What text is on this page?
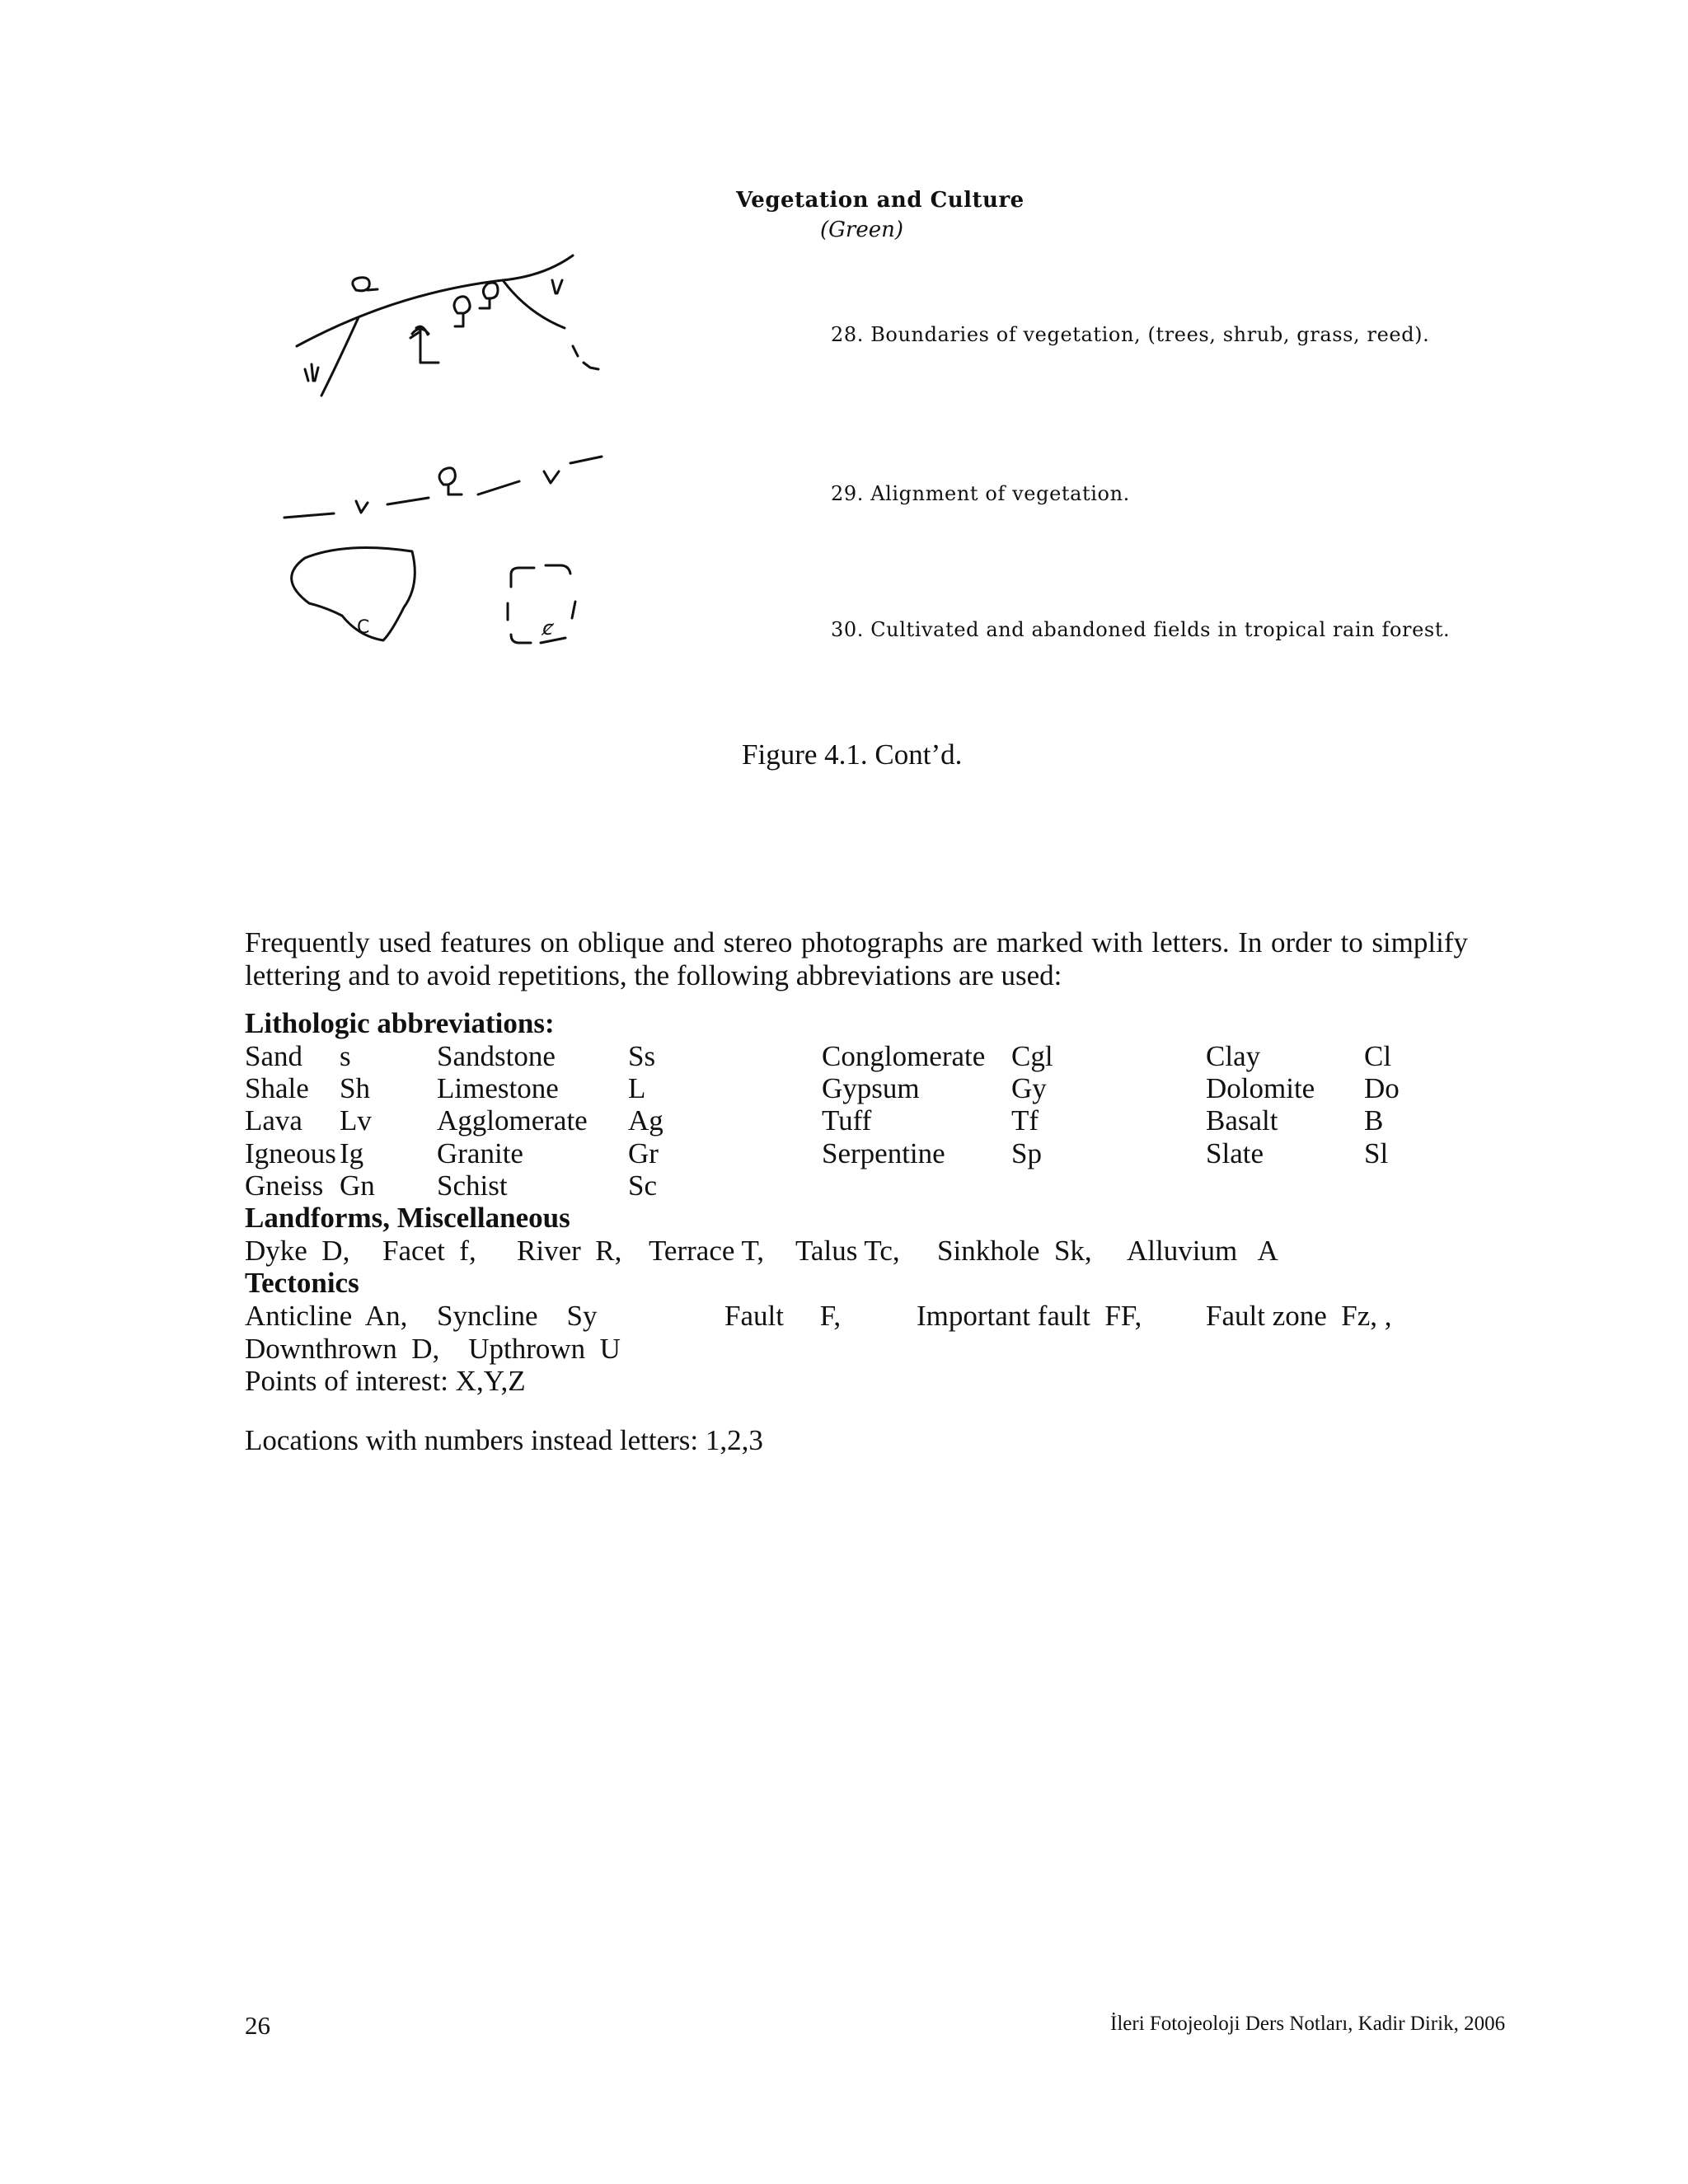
Vegetation and Culture
(Green)
C	ȼ
28. Boundaries of vegetation, (trees, shrub, grass, reed).
29. Alignment of vegetation.
30. Cultivated and abandoned fields in tropical rain forest.
Figure 4.1. Cont’d.
Frequently used features on oblique and stereo photographs are marked with letters. In order to simplify lettering and to avoid repetitions, the following abbreviations are used:
Lithologic abbreviations:
Sand s	Sandstone	Ss	Conglomerate Cgl	Clay	Cl
Shale Sh Limestone L	Gypsum	Gy	Dolomite Do
Lava Lv Agglomerate Ag	Tuff	Tf	Basalt	B
Igneous Ig	Granite	Gr	Serpentine Sp	Slate	Sl
Gneiss Gn Schist	Sc
Landforms, Miscellaneous
Dyke  D, Facet  f, River  R, Terrace T, Talus Tc, Sinkhole  Sk, Alluvium   A
Tectonics
Anticline  An, Syncline    Sy	Fault     F,	Important fault  FF, Fault zone  Fz, ,
Downthrown  D,    Upthrown  U
Points of interest: X,Y,Z
Locations with numbers instead letters: 1,2,3
26	İleri Fotojeoloji Ders Notları, Kadir Dirik, 2006
